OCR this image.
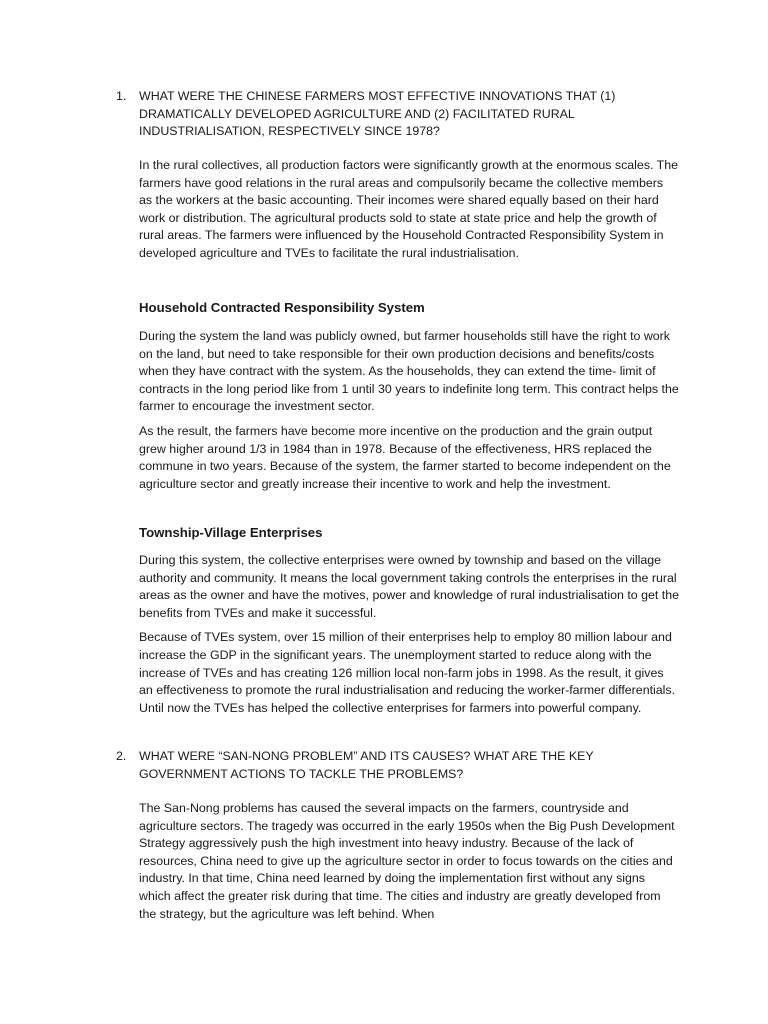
1.	WHAT WERE THE CHINESE FARMERS MOST EFFECTIVE INNOVATIONS THAT (1) DRAMATICALLY DEVELOPED AGRICULTURE AND (2) FACILITATED RURAL INDUSTRIALISATION, RESPECTIVELY SINCE 1978?

In the rural collectives, all production factors were significantly growth at the enormous scales. The farmers have good relations in the rural areas and compulsorily became the collective members as the workers at the basic accounting. Their incomes were shared equally based on their hard work or distribution. The agricultural products sold to state at state price and help the growth of rural areas. The farmers were influenced by the Household Contracted Responsibility System in developed agriculture and TVEs to facilitate the rural industrialisation.

Household Contracted Responsibility System

During the system the land was publicly owned, but farmer households still have the right to work on the land, but need to take responsible for their own production decisions and benefits/costs when they have contract with the system. As the households, they can extend the time- limit of contracts in the long period like from 1 until 30 years to indefinite long term. This contract helps the farmer to encourage the investment sector.

As the result, the farmers have become more incentive on the production and the grain output grew higher around 1/3 in 1984 than in 1978. Because of the effectiveness, HRS replaced the commune in two years. Because of the system, the farmer started to become independent on the agriculture sector and greatly increase their incentive to work and help the investment.

Township-Village Enterprises

During this system, the collective enterprises were owned by township and based on the village authority and community. It means the local government taking controls the enterprises in the rural areas as the owner and have the motives, power and knowledge of rural industrialisation to get the benefits from TVEs and make it successful.

Because of TVEs system, over 15 million of their enterprises help to employ 80 million labour and increase the GDP in the significant years. The unemployment started to reduce along with the increase of TVEs and has creating 126 million local non-farm jobs in 1998. As the result, it gives an effectiveness to promote the rural industrialisation and reducing the worker-farmer differentials. Until now the TVEs has helped the collective enterprises for farmers into powerful company.

2.	WHAT WERE “SAN-NONG PROBLEM” AND ITS CAUSES? WHAT ARE THE KEY GOVERNMENT ACTIONS TO TACKLE THE PROBLEMS?

The San-Nong problems has caused the several impacts on the farmers, countryside and agriculture sectors. The tragedy was occurred in the early 1950s when the Big Push Development Strategy aggressively push the high investment into heavy industry. Because of the lack of resources, China need to give up the agriculture sector in order to focus towards on the cities and industry. In that time, China need learned by doing the implementation first without any signs which affect the greater risk during that time. The cities and industry are greatly developed from the strategy, but the agriculture was left behind. When
